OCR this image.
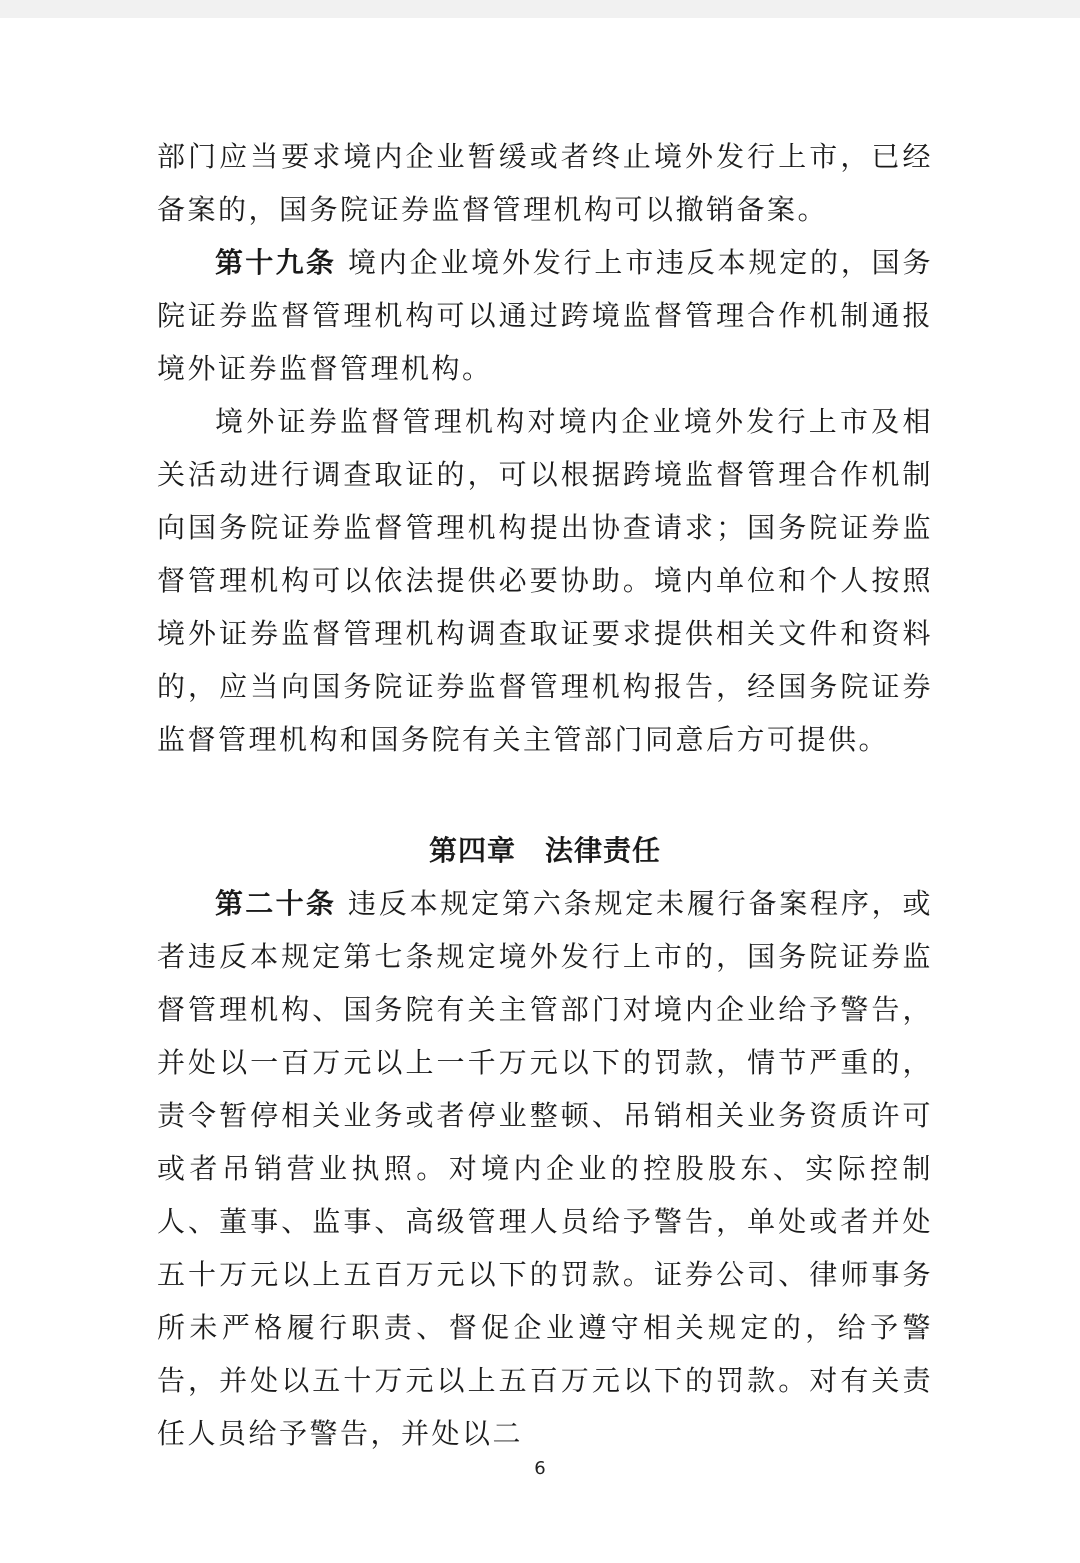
部门应当要求境内企业暂缓或者终止境外发行上市，已经备案的，国务院证券监督管理机构可以撤销备案。

第十九条 境内企业境外发行上市违反本规定的，国务院证券监督管理机构可以通过跨境监督管理合作机制通报境外证券监督管理机构。

境外证券监督管理机构对境内企业境外发行上市及相关活动进行调查取证的，可以根据跨境监督管理合作机制向国务院证券监督管理机构提出协查请求；国务院证券监督管理机构可以依法提供必要协助。境内单位和个人按照境外证券监督管理机构调查取证要求提供相关文件和资料的，应当向国务院证券监督管理机构报告，经国务院证券监督管理机构和国务院有关主管部门同意后方可提供。

第四章　法律责任

第二十条 违反本规定第六条规定未履行备案程序，或者违反本规定第七条规定境外发行上市的，国务院证券监督管理机构、国务院有关主管部门对境内企业给予警告，并处以一百万元以上一千万元以下的罚款，情节严重的，责令暂停相关业务或者停业整顿、吊销相关业务资质许可或者吊销营业执照。对境内企业的控股股东、实际控制人、董事、监事、高级管理人员给予警告，单处或者并处五十万元以上五百万元以下的罚款。证券公司、律师事务所未严格履行职责、督促企业遵守相关规定的，给予警告，并处以五十万元以上五百万元以下的罚款。对有关责任人员给予警告，并处以二

6
